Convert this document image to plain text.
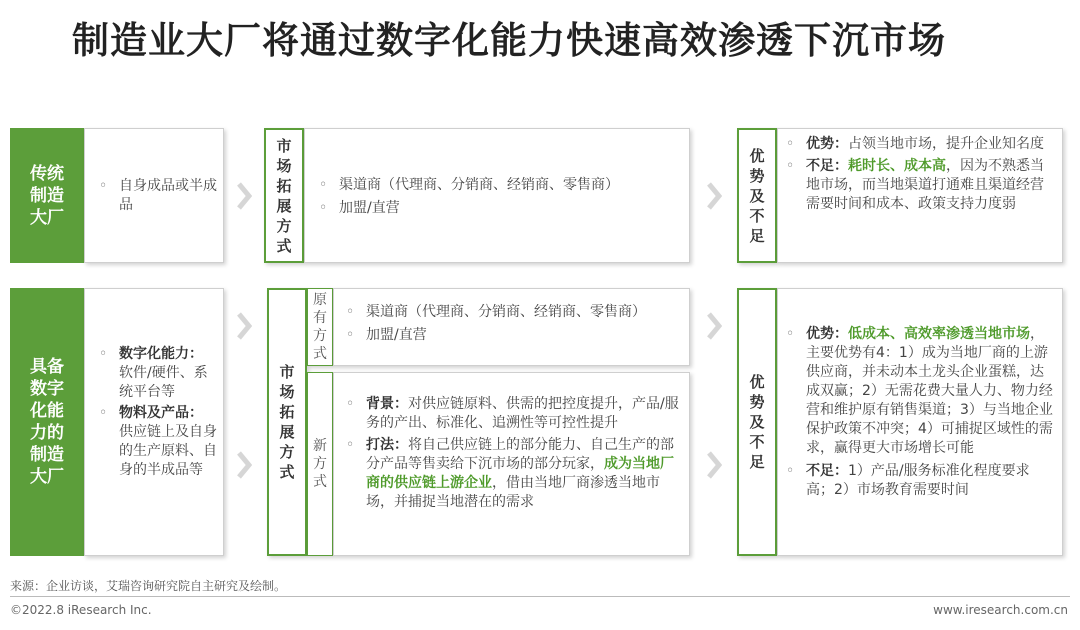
制造业大厂将通过数字化能力快速高效渗透下沉市场
传统
制造
大厂
◦ 自身成品或半成品
市
场
拓
展
方
式
◦ 渠道商（代理商、分销商、经销商、零售商）
◦ 加盟/直营
优
势
及
不
足
◦ 优势：占领当地市场，提升企业知名度
◦ 不足：耗时长、成本高，因为不熟悉当地市场，而当地渠道打通难且渠道经营需要时间和成本、政策支持力度弱
具备
数字
化能
力的
制造
大厂
◦ 数字化能力：
软件/硬件、系统平台等
◦ 物料及产品：
供应链上及自身的生产原料、自身的半成品等
市
场
拓
展
方
式
原
有
方
式
◦ 渠道商（代理商、分销商、经销商、零售商）
◦ 加盟/直营
新
方
式
◦ 背景：对供应链原料、供需的把控度提升，产品/服务的产出、标准化、追溯性等可控性提升
◦ 打法：将自己供应链上的部分能力、自己生产的部分产品等售卖给下沉市场的部分玩家，成为当地厂商的供应链上游企业，借由当地厂商渗透当地市场，并捕捉当地潜在的需求
优
势
及
不
足
◦ 优势：低成本、高效率渗透当地市场，主要优势有4：1）成为当地厂商的上游供应商，并未动本土龙头企业蛋糕，达成双赢；2）无需花费大量人力、物力经营和维护原有销售渠道；3）与当地企业保护政策不冲突；4）可捕捉区域性的需求，赢得更大市场增长可能
◦ 不足：1）产品/服务标准化程度要求高；2）市场教育需要时间
来源：企业访谈，艾瑞咨询研究院自主研究及绘制。
©2022.8 iResearch Inc.	www.iresearch.com.cn
